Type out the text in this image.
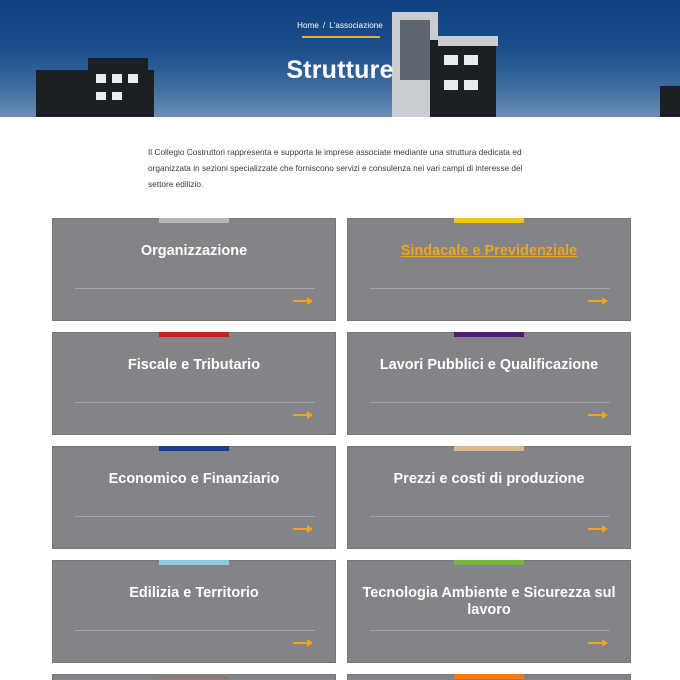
Home / L'associazione
Strutture

Il Collegio Costruttori rappresenta e supporta le imprese associate mediante una struttura dedicata ed organizzata in sezioni specializzate che forniscono servizi e consulenza nei vari campi di interesse del settore edilizio.

Organizzazione	Sindacale e Previdenziale
Fiscale e Tributario	Lavori Pubblici e Qualificazione
Economico e Finanziario	Prezzi e costi di produzione
Edilizia e Territorio	Tecnologia Ambiente e Sicurezza sul lavoro
